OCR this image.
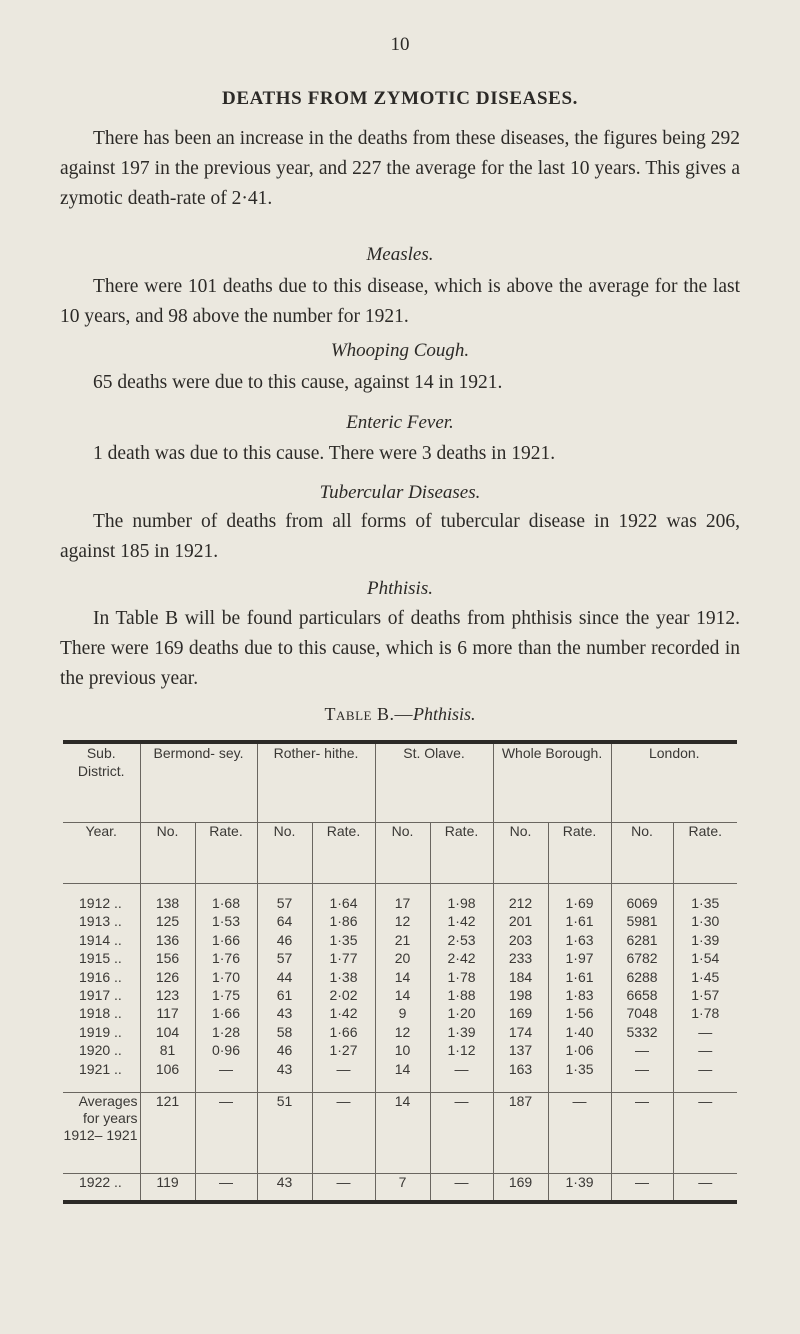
10
DEATHS FROM ZYMOTIC DISEASES.

There has been an increase in the deaths from these diseases, the figures being 292 against 197 in the previous year, and 227 the average for the last 10 years. This gives a zymotic death-rate of 2·41.

Measles.

There were 101 deaths due to this disease, which is above the average for the last 10 years, and 98 above the number for 1921.

Whooping Cough.

65 deaths were due to this cause, against 14 in 1921.

Enteric Fever.

1 death was due to this cause. There were 3 deaths in 1921.

Tubercular Diseases.

The number of deaths from all forms of tubercular disease in 1922 was 206, against 185 in 1921.

Phthisis.

In Table B will be found particulars of deaths from phthisis since the year 1912. There were 169 deaths due to this cause, which is 6 more than the number recorded in the previous year.

Table B.—Phthisis.
Sub. District.	Bermond- sey.		Rother- hithe.		St. Olave.		Whole Borough.		London.	
Year.	No.	Rate.	No.	Rate.	No.	Rate.	No.	Rate.	No.	Rate.

1912 ..	138	1·68	57	1·64	17	1·98	212	1·69	6069	1·35
1913 ..	125	1·53	64	1·86	12	1·42	201	1·61	5981	1·30
1914 ..	136	1·66	46	1·35	21	2·53	203	1·63	6281	1·39
1915 ..	156	1·76	57	1·77	20	2·42	233	1·97	6782	1·54
1916 ..	126	1·70	44	1·38	14	1·78	184	1·61	6288	1·45
1917 ..	123	1·75	61	2·02	14	1·88	198	1·83	6658	1·57
1918 ..	117	1·66	43	1·42	9	1·20	169	1·56	7048	1·78
1919 ..	104	1·28	58	1·66	12	1·39	174	1·40	5332	—
1920 ..	81	0·96	46	1·27	10	1·12	137	1·06	—	—
1921 ..	106	—	43	—	14	—	163	1·35	—	—

Averages for years 1912– 1921	121	—	51	—	14	—	187	—	—	—
1922 ..	119	—	43	—	7	—	169	1·39	—	—
